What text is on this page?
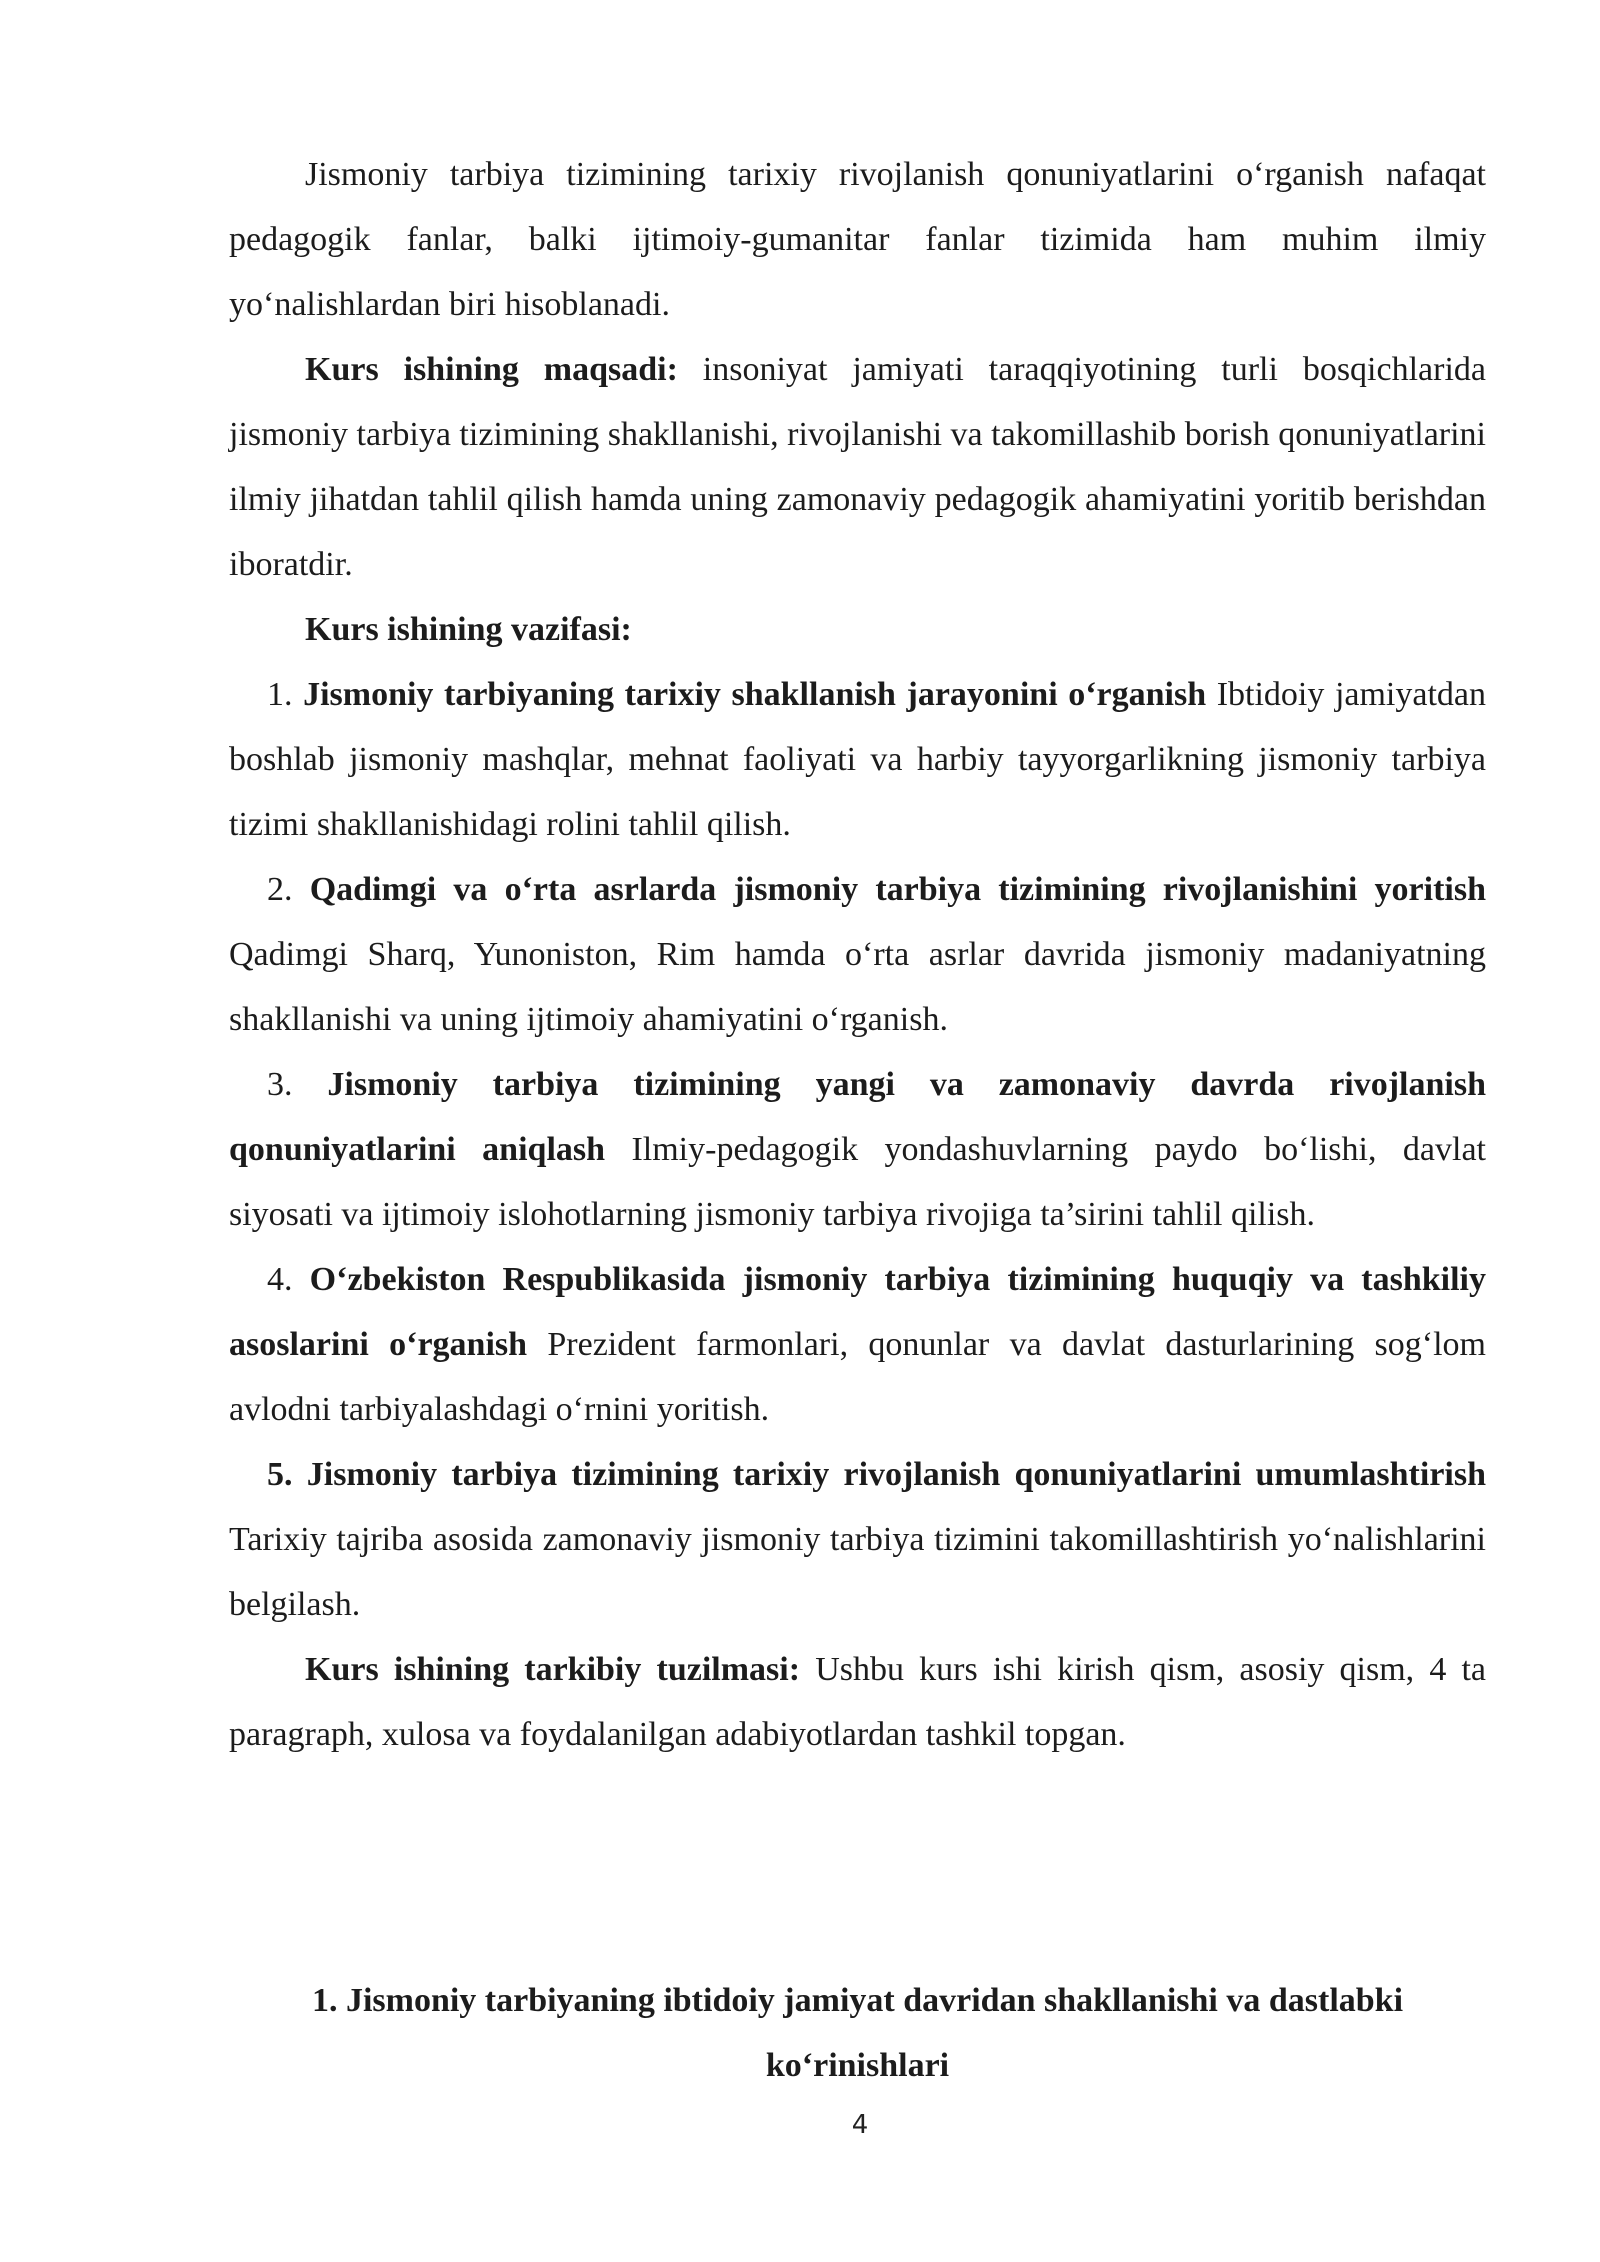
Jismoniy tarbiya tizimining tarixiy rivojlanish qonuniyatlarini o‘rganish nafaqat pedagogik fanlar, balki ijtimoiy-gumanitar fanlar tizimida ham muhim ilmiy yo‘nalishlardan biri hisoblanadi.

Kurs ishining maqsadi: insoniyat jamiyati taraqqiyotining turli bosqichlarida jismoniy tarbiya tizimining shakllanishi, rivojlanishi va takomillashib borish qonuniyatlarini ilmiy jihatdan tahlil qilish hamda uning zamonaviy pedagogik ahamiyatini yoritib berishdan iboratdir.

Kurs ishining vazifasi:

1. Jismoniy tarbiyaning tarixiy shakllanish jarayonini o‘rganish Ibtidoiy jamiyatdan boshlab jismoniy mashqlar, mehnat faoliyati va harbiy tayyorgarlikning jismoniy tarbiya tizimi shakllanishidagi rolini tahlil qilish.

2. Qadimgi va o‘rta asrlarda jismoniy tarbiya tizimining rivojlanishini yoritish Qadimgi Sharq, Yunoniston, Rim hamda o‘rta asrlar davrida jismoniy madaniyatning shakllanishi va uning ijtimoiy ahamiyatini o‘rganish.

3. Jismoniy tarbiya tizimining yangi va zamonaviy davrda rivojlanish qonuniyatlarini aniqlash Ilmiy-pedagogik yondashuvlarning paydo bo‘lishi, davlat siyosati va ijtimoiy islohotlarning jismoniy tarbiya rivojiga ta’sirini tahlil qilish.

4. O‘zbekiston Respublikasida jismoniy tarbiya tizimining huquqiy va tashkiliy asoslarini o‘rganish Prezident farmonlari, qonunlar va davlat dasturlarining sog‘lom avlodni tarbiyalashdagi o‘rnini yoritish.

5. Jismoniy tarbiya tizimining tarixiy rivojlanish qonuniyatlarini umumlashtirish Tarixiy tajriba asosida zamonaviy jismoniy tarbiya tizimini takomillashtirish yo‘nalishlarini belgilash.

Kurs ishining tarkibiy tuzilmasi: Ushbu kurs ishi kirish qism, asosiy qism, 4 ta paragraph, xulosa va foydalanilgan adabiyotlardan tashkil topgan.

1. Jismoniy tarbiyaning ibtidoiy jamiyat davridan shakllanishi va dastlabki
ko‘rinishlari
4
